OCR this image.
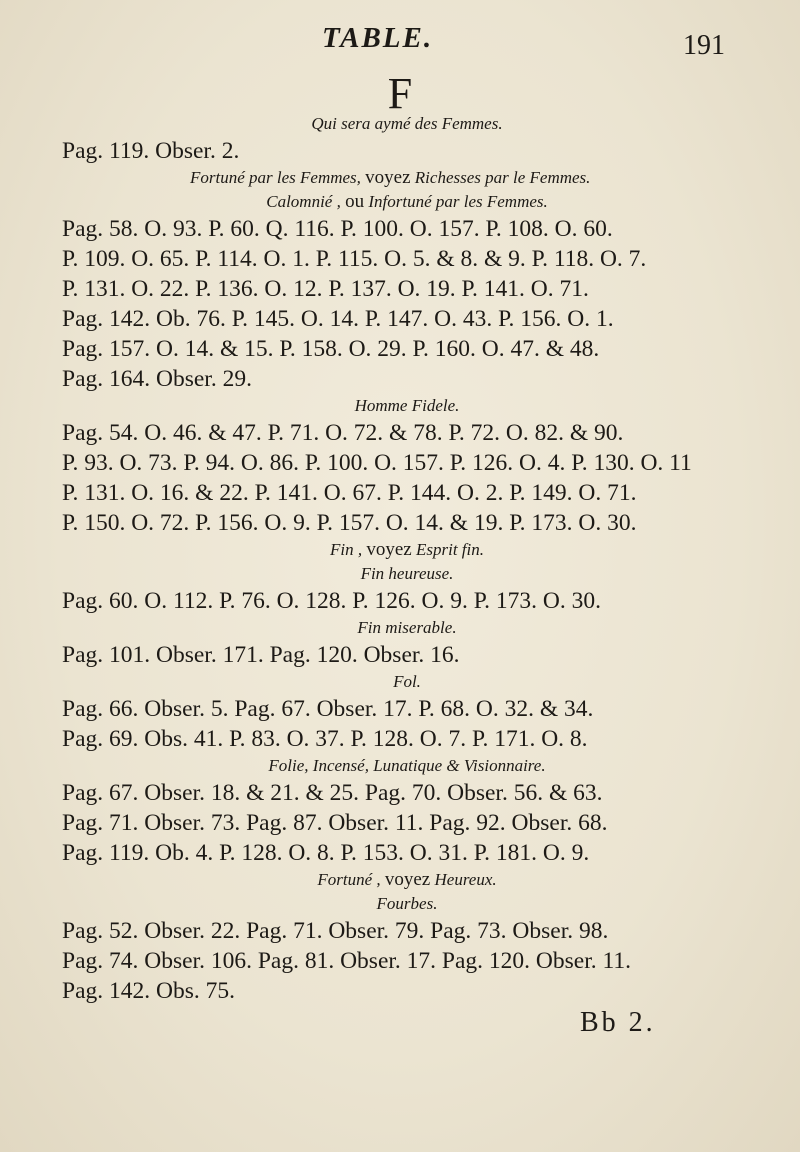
TABLE.	191
F
Qui sera aymé des Femmes.
Pag. 119. Obser. 2.
Fortuné par les Femmes, voyez Richesses par le Femmes.
Calomnié , ou Infortuné par les Femmes.
Pag. 58. O. 93. P. 60. Q. 116. P. 100. O. 157. P. 108. O. 60.
P. 109. O. 65. P. 114. O. 1. P. 115. O. 5. & 8. & 9. P. 118. O. 7.
P. 131. O. 22. P. 136. O. 12. P. 137. O. 19. P. 141. O. 71.
Pag. 142. Ob. 76. P. 145. O. 14. P. 147. O. 43. P. 156. O. 1.
Pag. 157. O. 14. & 15. P. 158. O. 29. P. 160. O. 47. & 48.
Pag. 164. Obser. 29.
Homme Fidele.
Pag. 54. O. 46. & 47. P. 71. O. 72. & 78. P. 72. O. 82. & 90.
P. 93. O. 73. P. 94. O. 86. P. 100. O. 157. P. 126. O. 4. P. 130. O. 11
P. 131. O. 16. & 22. P. 141. O. 67. P. 144. O. 2. P. 149. O. 71.
P. 150. O. 72. P. 156. O. 9. P. 157. O. 14. & 19. P. 173. O. 30.
Fin , voyez Esprit fin.
Fin heureuse.
Pag. 60. O. 112. P. 76. O. 128. P. 126. O. 9. P. 173. O. 30.
Fin miserable.
Pag. 101. Obser. 171. Pag. 120. Obser. 16.
Fol.
Pag. 66. Obser. 5. Pag. 67. Obser. 17. P. 68. O. 32. & 34.
Pag. 69. Obs. 41. P. 83. O. 37. P. 128. O. 7. P. 171. O. 8.
Folie, Incensé, Lunatique & Visionnaire.
Pag. 67. Obser. 18. & 21. & 25. Pag. 70. Obser. 56. & 63.
Pag. 71. Obser. 73. Pag. 87. Obser. 11. Pag. 92. Obser. 68.
Pag. 119. Ob. 4. P. 128. O. 8. P. 153. O. 31. P. 181. O. 9.
Fortuné , voyez Heureux.
Fourbes.
Pag. 52. Obser. 22. Pag. 71. Obser. 79. Pag. 73. Obser. 98.
Pag. 74. Obser. 106. Pag. 81. Obser. 17. Pag. 120. Obser. 11.
Pag. 142. Obs. 75.
Bb 2.
